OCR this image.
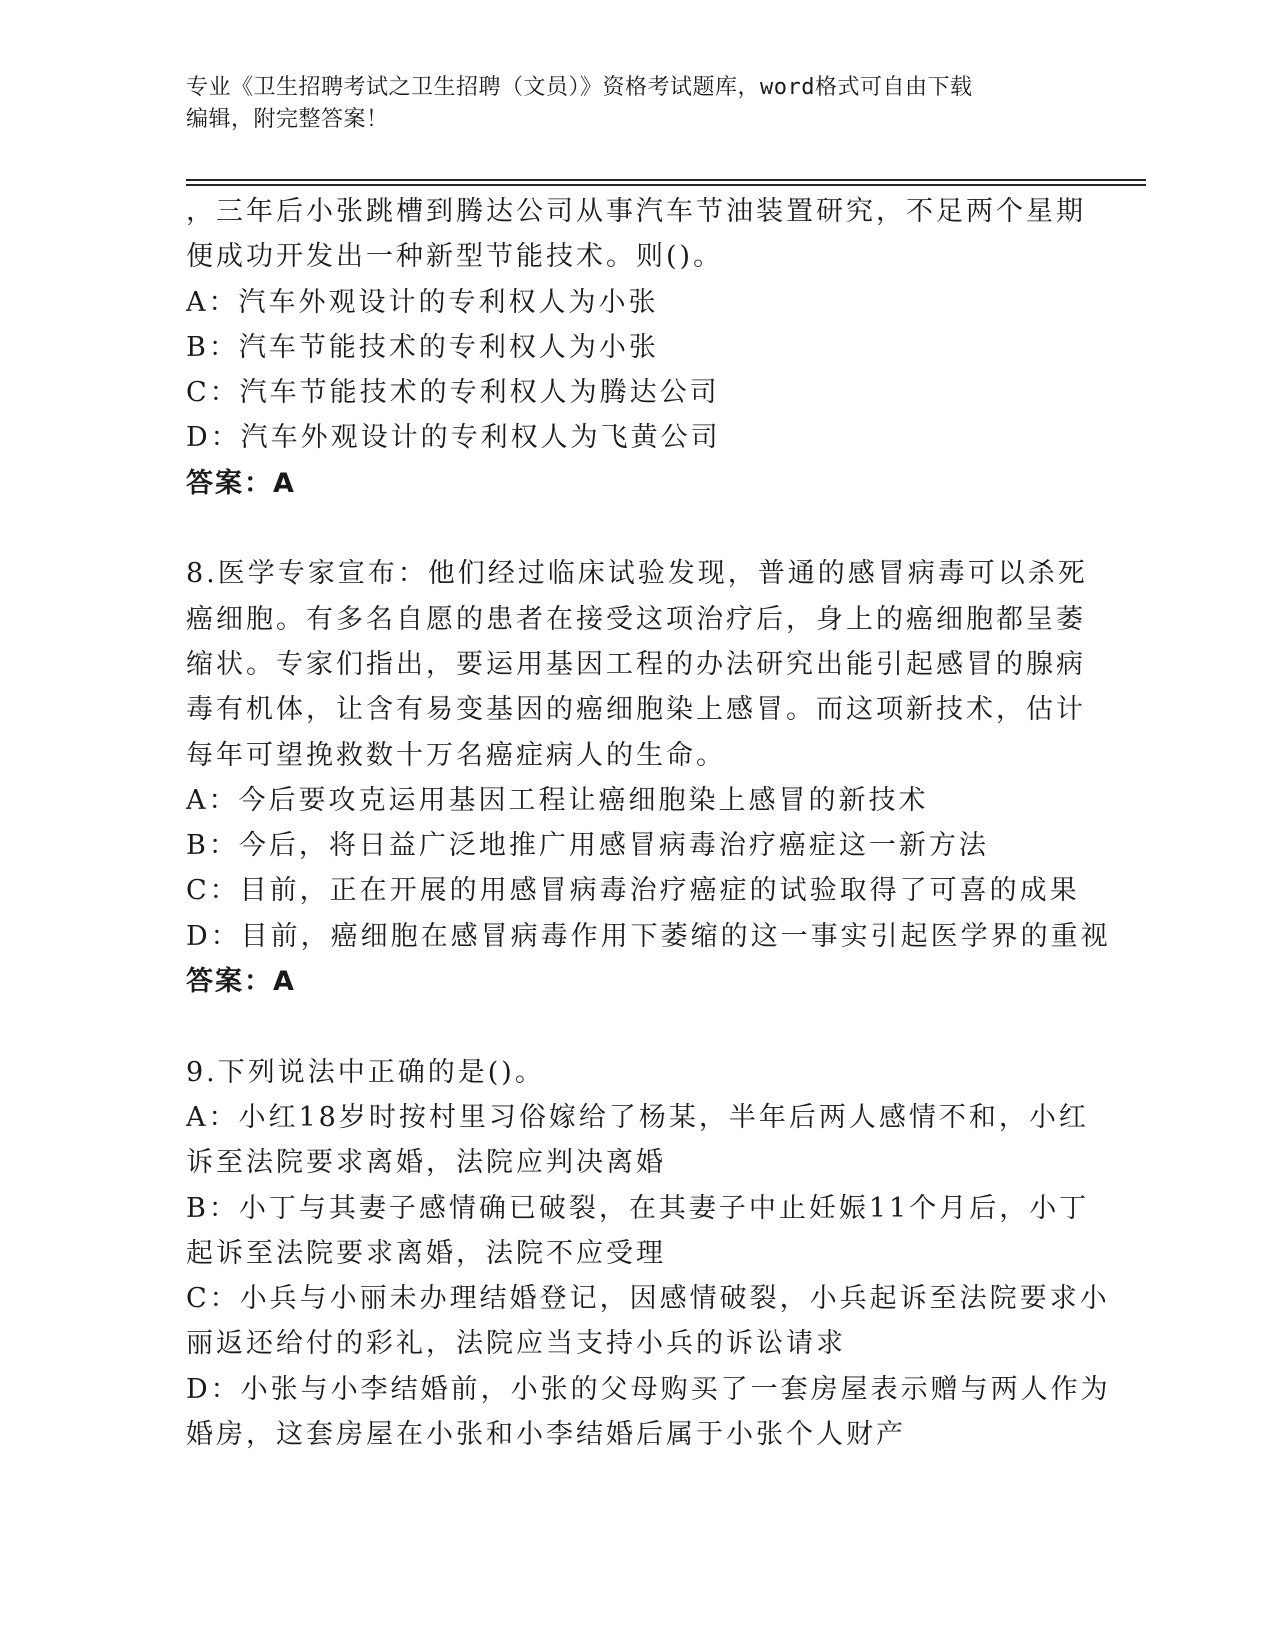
专业《卫生招聘考试之卫生招聘（文员）》资格考试题库，word格式可自由下载
编辑，附完整答案！
，三年后小张跳槽到腾达公司从事汽车节油装置研究，不足两个星期
便成功开发出一种新型节能技术。则()。
A：汽车外观设计的专利权人为小张
B：汽车节能技术的专利权人为小张
C：汽车节能技术的专利权人为腾达公司
D：汽车外观设计的专利权人为飞黄公司
答案：A
8.医学专家宣布：他们经过临床试验发现，普通的感冒病毒可以杀死
癌细胞。有多名自愿的患者在接受这项治疗后，身上的癌细胞都呈萎
缩状。专家们指出，要运用基因工程的办法研究出能引起感冒的腺病
毒有机体，让含有易变基因的癌细胞染上感冒。而这项新技术，估计
每年可望挽救数十万名癌症病人的生命。
A：今后要攻克运用基因工程让癌细胞染上感冒的新技术
B：今后，将日益广泛地推广用感冒病毒治疗癌症这一新方法
C：目前，正在开展的用感冒病毒治疗癌症的试验取得了可喜的成果
D：目前，癌细胞在感冒病毒作用下萎缩的这一事实引起医学界的重视
答案：A
9.下列说法中正确的是()。
A：小红18岁时按村里习俗嫁给了杨某，半年后两人感情不和，小红
诉至法院要求离婚，法院应判决离婚
B：小丁与其妻子感情确已破裂，在其妻子中止妊娠11个月后，小丁
起诉至法院要求离婚，法院不应受理
C：小兵与小丽未办理结婚登记，因感情破裂，小兵起诉至法院要求小
丽返还给付的彩礼，法院应当支持小兵的诉讼请求
D：小张与小李结婚前，小张的父母购买了一套房屋表示赠与两人作为
婚房，这套房屋在小张和小李结婚后属于小张个人财产
